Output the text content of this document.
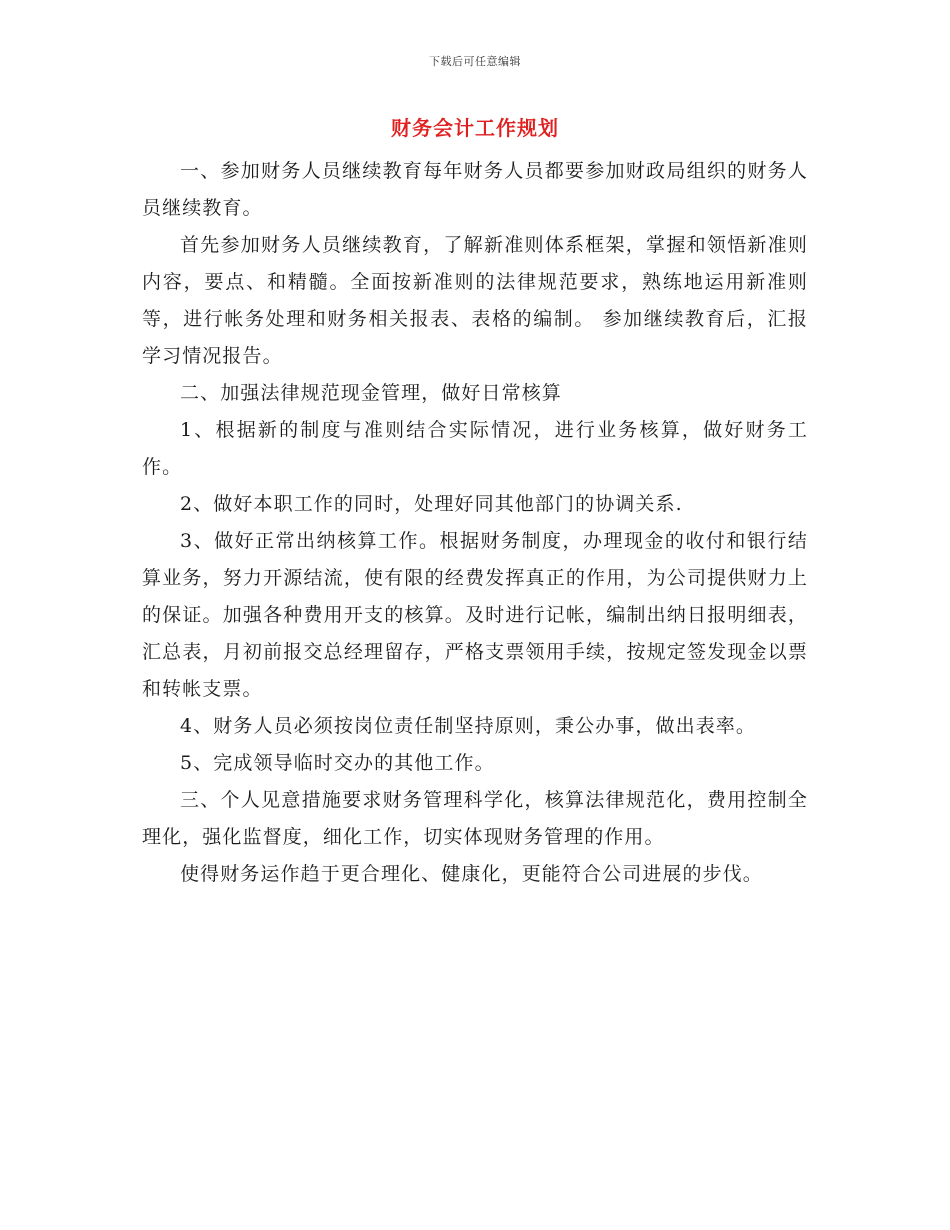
下载后可任意编辑
财务会计工作规划

一、参加财务人员继续教育每年财务人员都要参加财政局组织的财务人员继续教育。

首先参加财务人员继续教育，了解新准则体系框架，掌握和领悟新准则内容，要点、和精髓。全面按新准则的法律规范要求，熟练地运用新准则等，进行帐务处理和财务相关报表、表格的编制。 参加继续教育后，汇报学习情况报告。

二、加强法律规范现金管理，做好日常核算

1、根据新的制度与准则结合实际情况，进行业务核算，做好财务工作。

2、做好本职工作的同时，处理好同其他部门的协调关系.

3、做好正常出纳核算工作。根据财务制度，办理现金的收付和银行结算业务，努力开源结流，使有限的经费发挥真正的作用，为公司提供财力上的保证。加强各种费用开支的核算。及时进行记帐，编制出纳日报明细表，汇总表，月初前报交总经理留存，严格支票领用手续，按规定签发现金以票和转帐支票。

4、财务人员必须按岗位责任制坚持原则，秉公办事，做出表率。

5、完成领导临时交办的其他工作。

三、个人见意措施要求财务管理科学化，核算法律规范化，费用控制全理化，强化监督度，细化工作，切实体现财务管理的作用。

使得财务运作趋于更合理化、健康化，更能符合公司进展的步伐。
